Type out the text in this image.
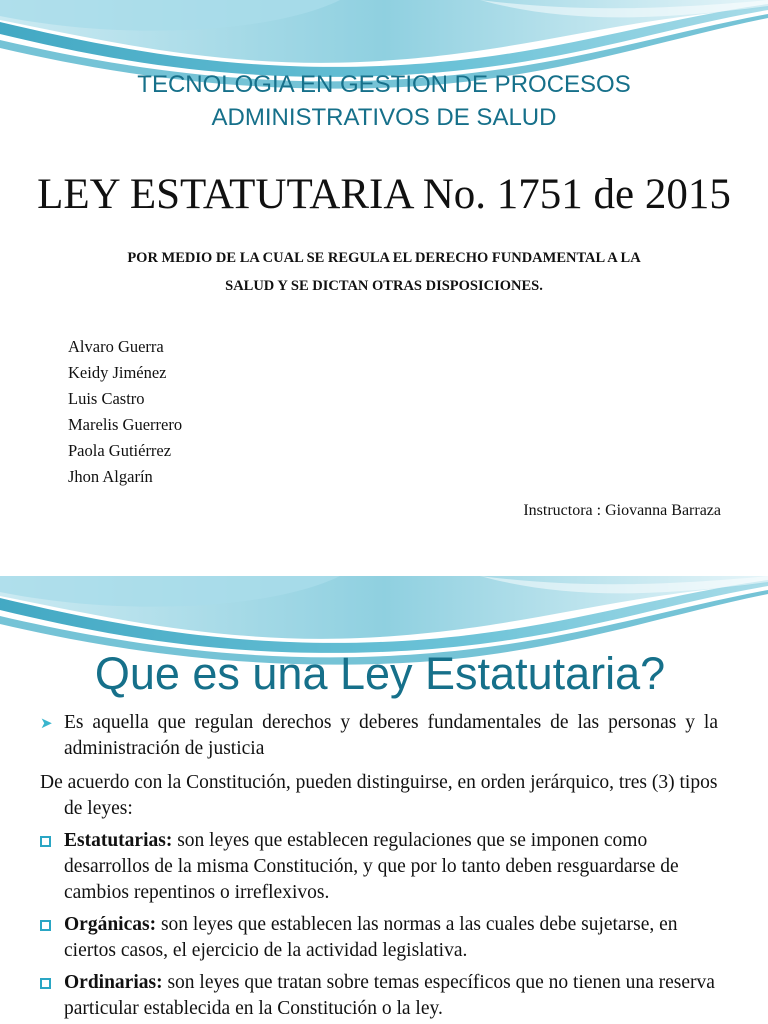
TECNOLOGIA EN GESTION DE PROCESOS
ADMINISTRATIVOS DE SALUD
LEY ESTATUTARIA No. 1751 de 2015
POR MEDIO DE LA CUAL SE REGULA EL DERECHO FUNDAMENTAL A LA
SALUD Y SE DICTAN OTRAS DISPOSICIONES.
Alvaro Guerra
Keidy Jiménez
Luis Castro
Marelis Guerrero
Paola Gutiérrez
Jhon Algarín
Instructora : Giovanna Barraza
Que es una Ley Estatutaria?
➤ Es aquella que regulan derechos y deberes fundamentales de las personas y la administración de justicia
De acuerdo con la Constitución, pueden distinguirse, en orden jerárquico, tres (3) tipos de leyes:
Estatutarias: son leyes que establecen regulaciones que se imponen como desarrollos de la misma Constitución, y que por lo tanto deben resguardarse de cambios repentinos o irreflexivos.
Orgánicas: son leyes que establecen las normas a las cuales debe sujetarse, en ciertos casos, el ejercicio de la actividad legislativa.
Ordinarias: son leyes que tratan sobre temas específicos que no tienen una reserva particular establecida en la Constitución o la ley.
